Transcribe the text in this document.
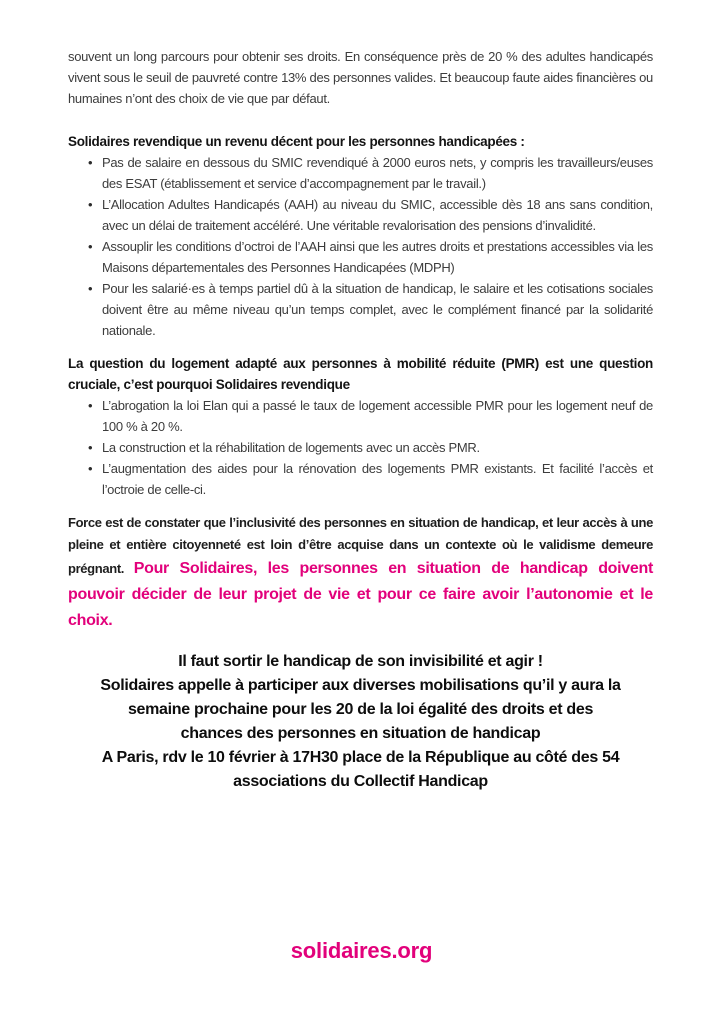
souvent un long parcours pour obtenir ses droits. En conséquence près de 20 % des adultes handicapés vivent sous le seuil de pauvreté contre 13% des personnes valides. Et beaucoup faute aides financières ou humaines n’ont des choix de vie que par défaut.

Solidaires revendique un revenu décent pour les personnes handicapées :

• Pas de salaire en dessous du SMIC revendiqué à 2000 euros nets, y compris les travailleurs/euses des ESAT (établissement et service d’accompagnement par le travail.)
• L’Allocation Adultes Handicapés (AAH) au niveau du SMIC, accessible dès 18 ans sans condition, avec un délai de traitement accéléré. Une véritable revalorisation des pensions d’invalidité.
• Assouplir les conditions d’octroi de l’AAH ainsi que les autres droits et prestations accessibles via les Maisons départementales des Personnes Handicapées (MDPH)
• Pour les salarié·es à temps partiel dû à la situation de handicap, le salaire et les cotisations sociales doivent être au même niveau qu’un temps complet, avec le complément financé par la solidarité nationale.

La question du logement adapté aux personnes à mobilité réduite (PMR) est une question cruciale, c’est pourquoi Solidaires revendique

• L’abrogation la loi Elan qui a passé le taux de logement accessible PMR pour les logement neuf de 100 % à 20 %.
• La construction et la réhabilitation de logements avec un accès PMR.
• L’augmentation des aides pour la rénovation des logements PMR existants. Et facilité l’accès et l’octroie de celle-ci.

Force est de constater que l’inclusivité des personnes en situation de handicap, et leur accès à une pleine et entière citoyenneté est loin d’être acquise dans un contexte où le validisme demeure prégnant. Pour Solidaires, les personnes en situation de handicap doivent pouvoir décider de leur projet de vie et pour ce faire avoir l’autonomie et le choix.

Il faut sortir le handicap de son invisibilité et agir !
Solidaires appelle à participer aux diverses mobilisations qu’il y aura la
semaine prochaine pour les 20 de la loi égalité des droits et des
chances des personnes en situation de handicap
A Paris, rdv le 10 février à 17H30 place de la République au côté des 54
associations du Collectif Handicap
solidaires.org
